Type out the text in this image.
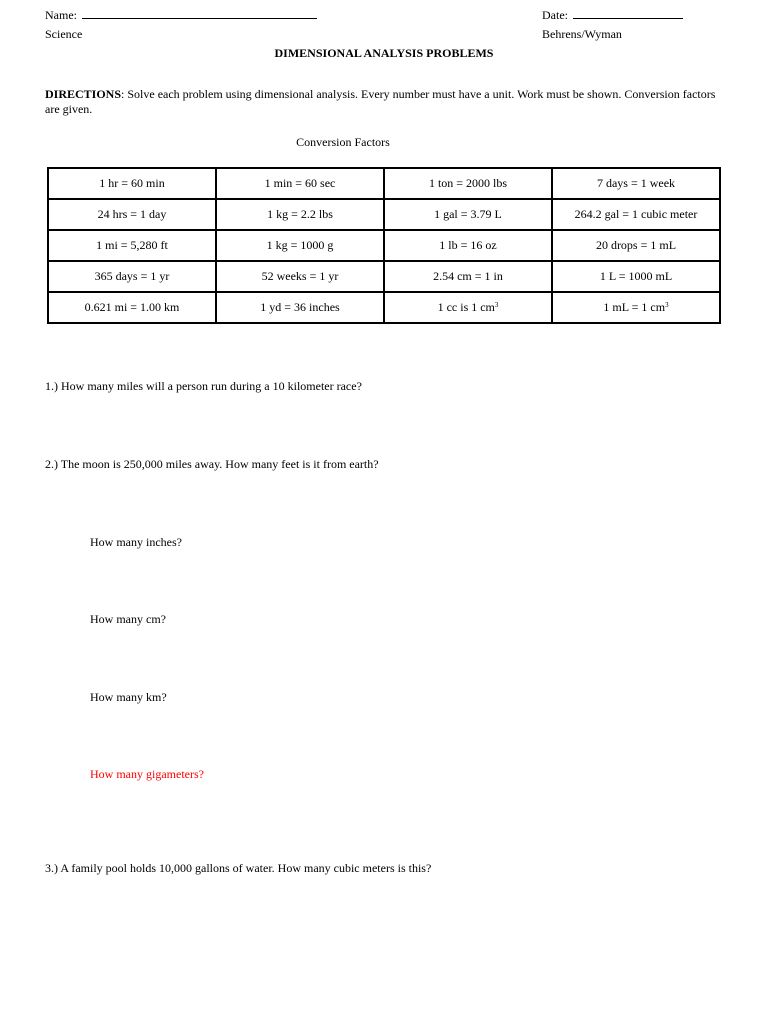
Name:	Date:
Science	Behrens/Wyman
DIMENSIONAL ANALYSIS PROBLEMS
DIRECTIONS: Solve each problem using dimensional analysis. Every number must have a unit. Work must be shown. Conversion factors are given.
Conversion Factors
1 hr = 60 min	1 min = 60 sec	1 ton = 2000 lbs	7 days = 1 week
24 hrs = 1 day	1 kg = 2.2 lbs	1 gal = 3.79 L	264.2 gal = 1 cubic meter
1 mi = 5,280 ft	1 kg = 1000 g	1 lb = 16 oz	20 drops = 1 mL
365 days = 1 yr	52 weeks = 1 yr	2.54 cm = 1 in	1 L = 1000 mL
0.621 mi = 1.00 km	1 yd = 36 inches	1 cc is 1 $cm^3$	1 mL = 1 $cm^3$
1.) How many miles will a person run during a 10 kilometer race?
2.) The moon is 250,000 miles away. How many feet is it from earth?
How many inches?
How many cm?
How many km?
How many gigameters?
3.) A family pool holds 10,000 gallons of water. How many cubic meters is this?
